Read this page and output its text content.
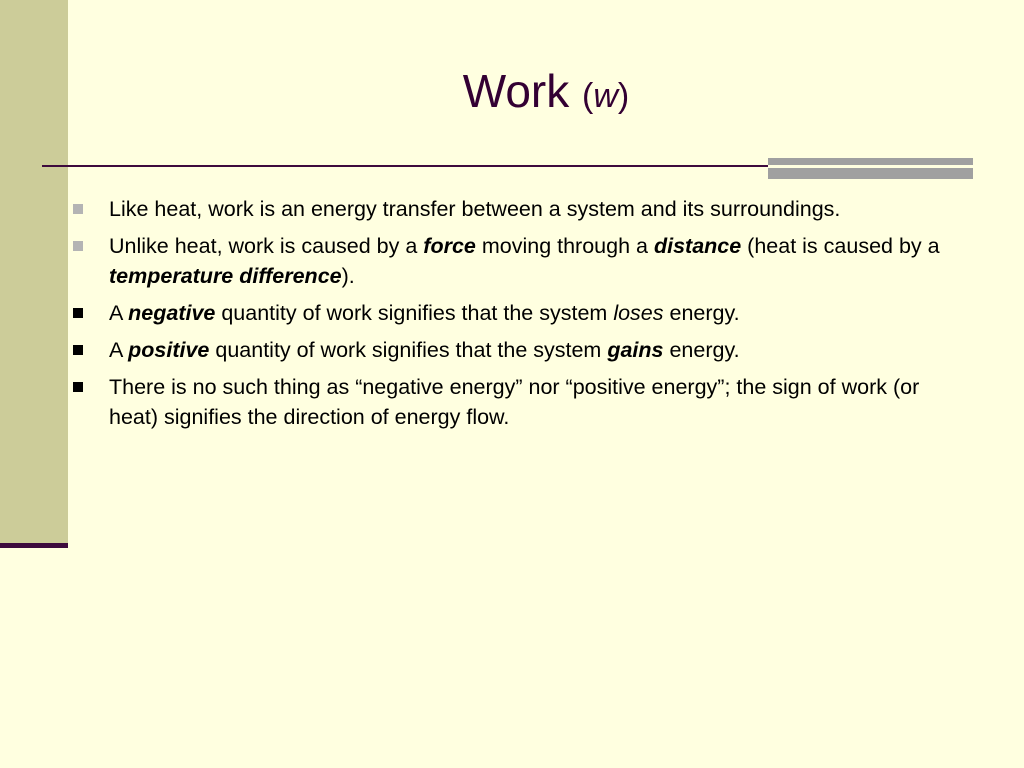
Work (w)
Like heat, work is an energy transfer between a system and its surroundings.
Unlike heat, work is caused by a force moving through a distance (heat is caused by a temperature difference).
A negative quantity of work signifies that the system loses energy.
A positive quantity of work signifies that the system gains energy.
There is no such thing as “negative energy” nor “positive energy”; the sign of work (or heat) signifies the direction of energy flow.
